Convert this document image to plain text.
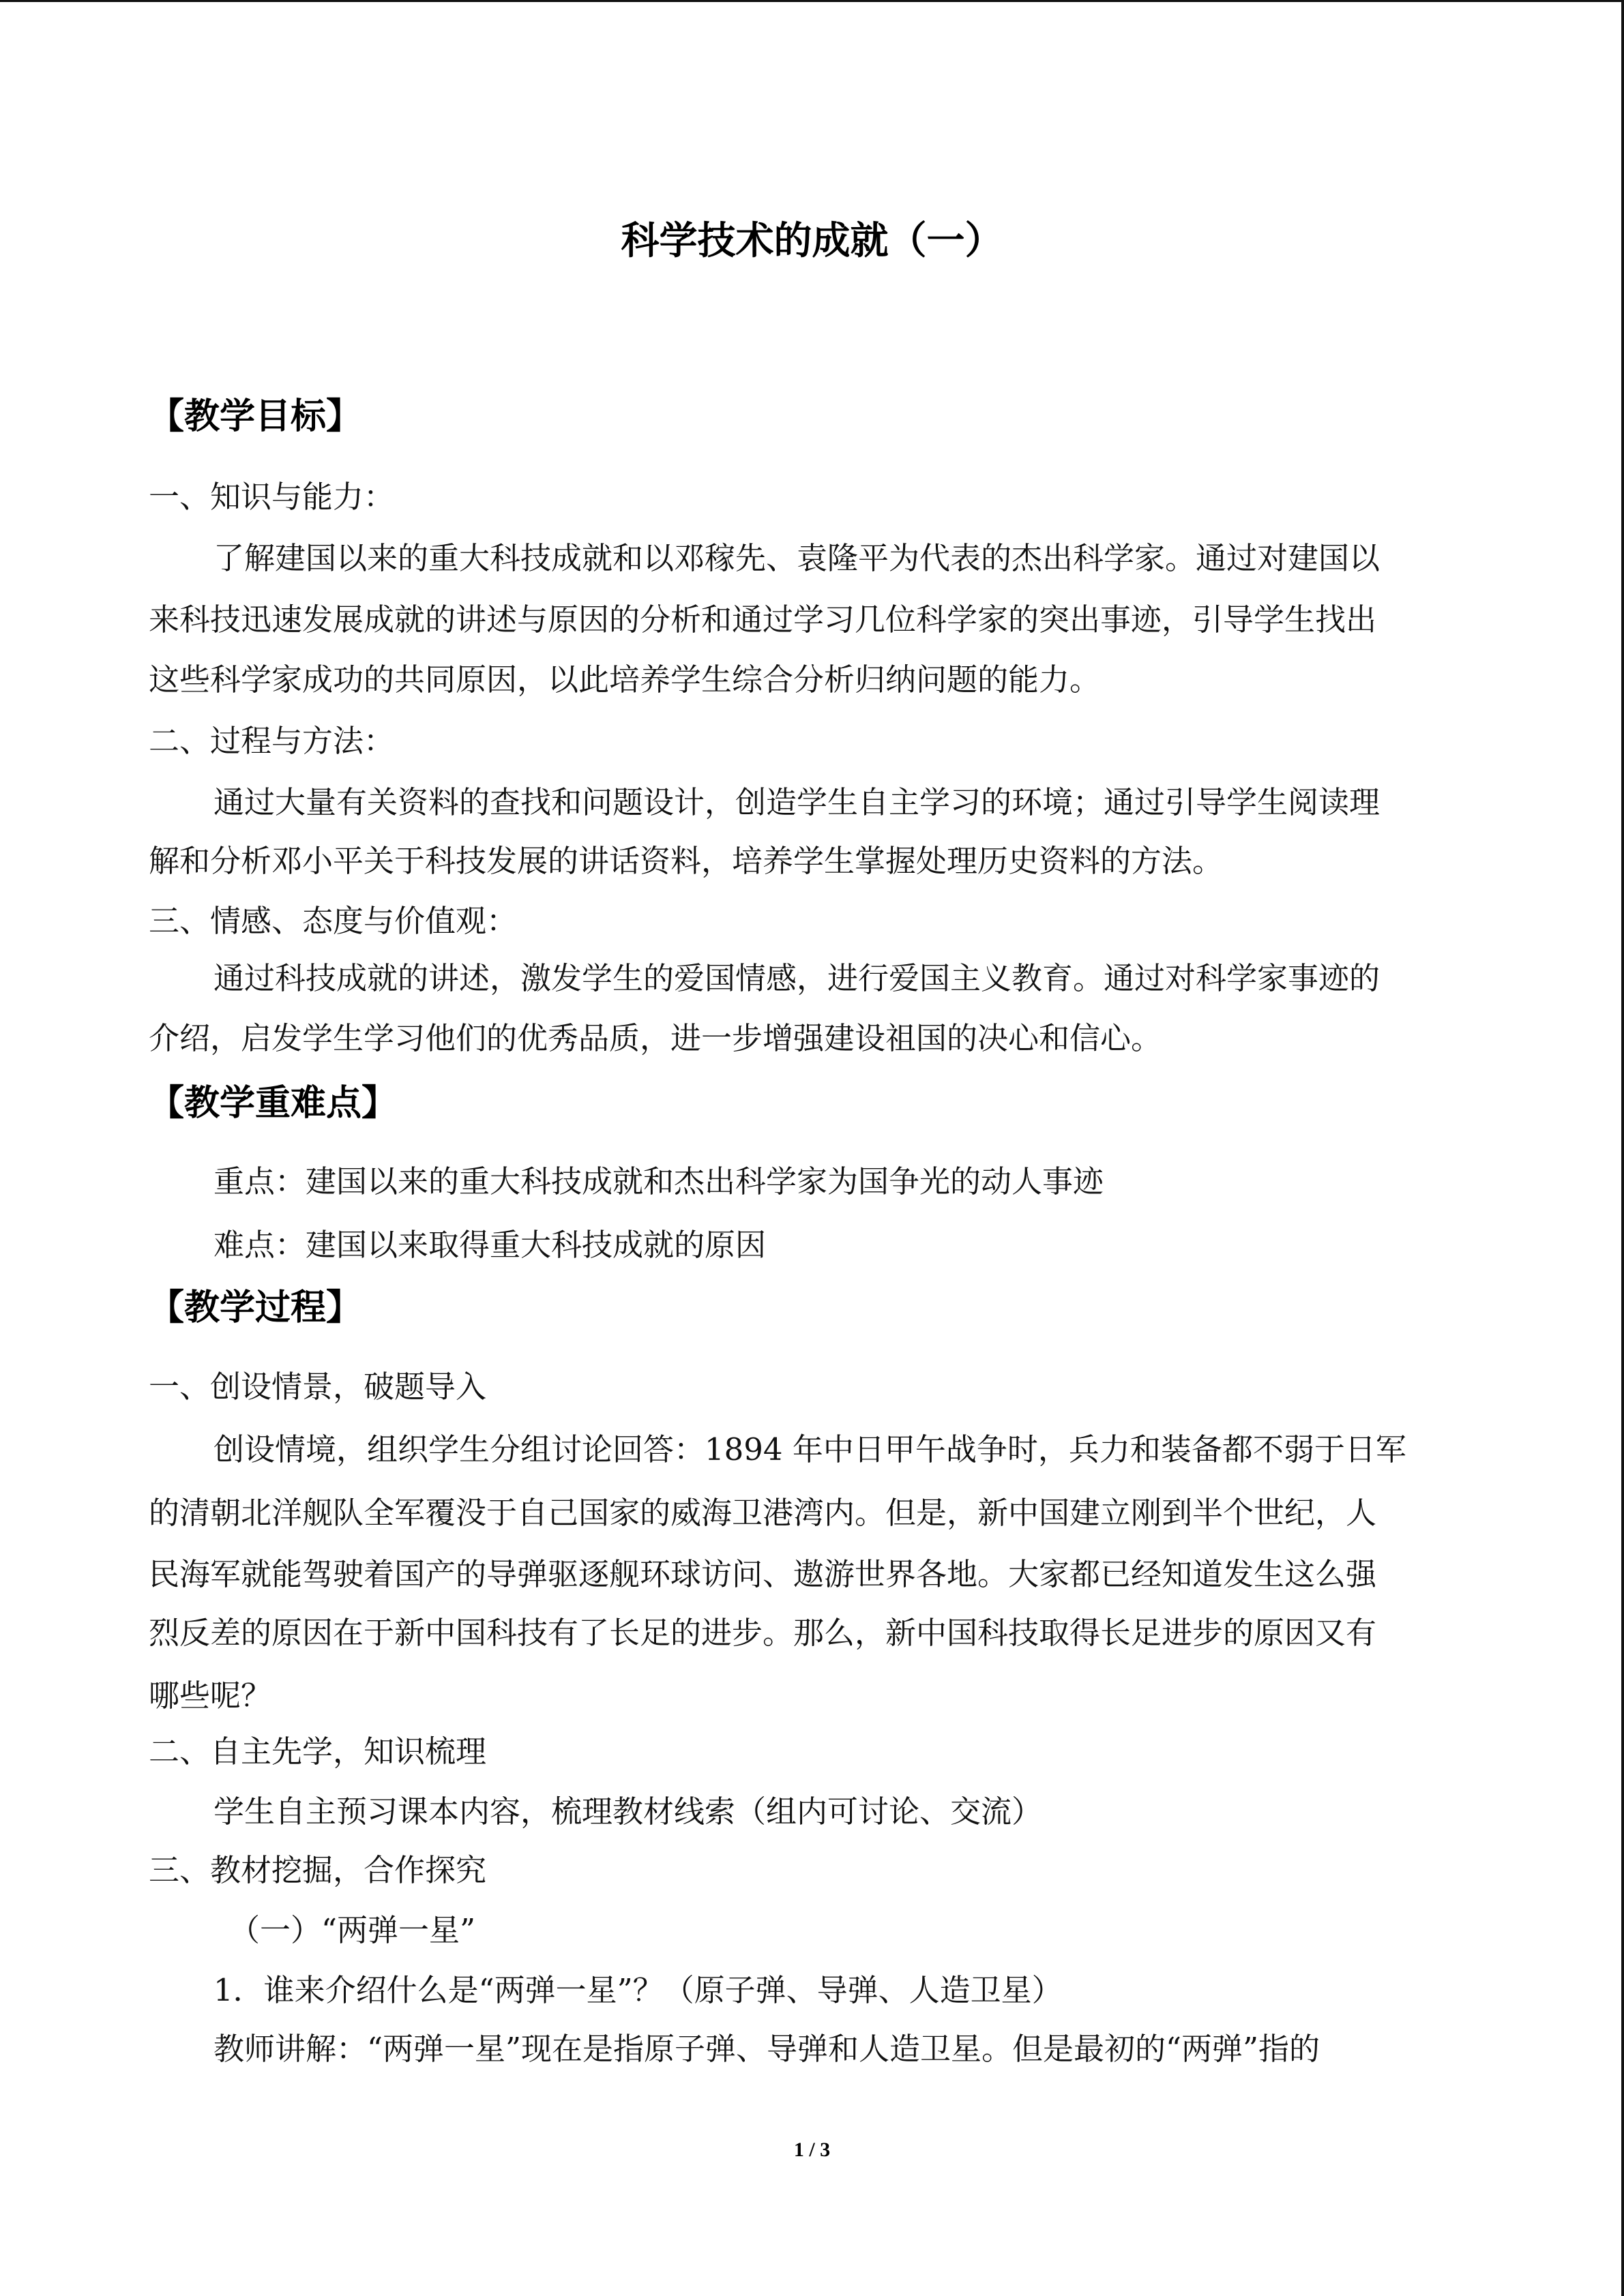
科学技术的成就（一）
【教学目标】
一、知识与能力：
了解建国以来的重大科技成就和以邓稼先、袁隆平为代表的杰出科学家。通过对建国以
来科技迅速发展成就的讲述与原因的分析和通过学习几位科学家的突出事迹，引导学生找出
这些科学家成功的共同原因，以此培养学生综合分析归纳问题的能力。
二、过程与方法：
通过大量有关资料的查找和问题设计，创造学生自主学习的环境；通过引导学生阅读理
解和分析邓小平关于科技发展的讲话资料，培养学生掌握处理历史资料的方法。
三、情感、态度与价值观：
通过科技成就的讲述，激发学生的爱国情感，进行爱国主义教育。通过对科学家事迹的
介绍，启发学生学习他们的优秀品质，进一步增强建设祖国的决心和信心。
【教学重难点】
重点：建国以来的重大科技成就和杰出科学家为国争光的动人事迹
难点：建国以来取得重大科技成就的原因
【教学过程】
一、创设情景，破题导入
创设情境，组织学生分组讨论回答：1894 年中日甲午战争时，兵力和装备都不弱于日军
的清朝北洋舰队全军覆没于自己国家的威海卫港湾内。但是，新中国建立刚到半个世纪，人
民海军就能驾驶着国产的导弹驱逐舰环球访问、遨游世界各地。大家都已经知道发生这么强
烈反差的原因在于新中国科技有了长足的进步。那么，新中国科技取得长足进步的原因又有
哪些呢？
二、自主先学，知识梳理
学生自主预习课本内容，梳理教材线索（组内可讨论、交流）
三、教材挖掘，合作探究
（一）“两弹一星”
1．谁来介绍什么是“两弹一星”？（原子弹、导弹、人造卫星）
教师讲解：“两弹一星”现在是指原子弹、导弹和人造卫星。但是最初的“两弹”指的
1 / 3
